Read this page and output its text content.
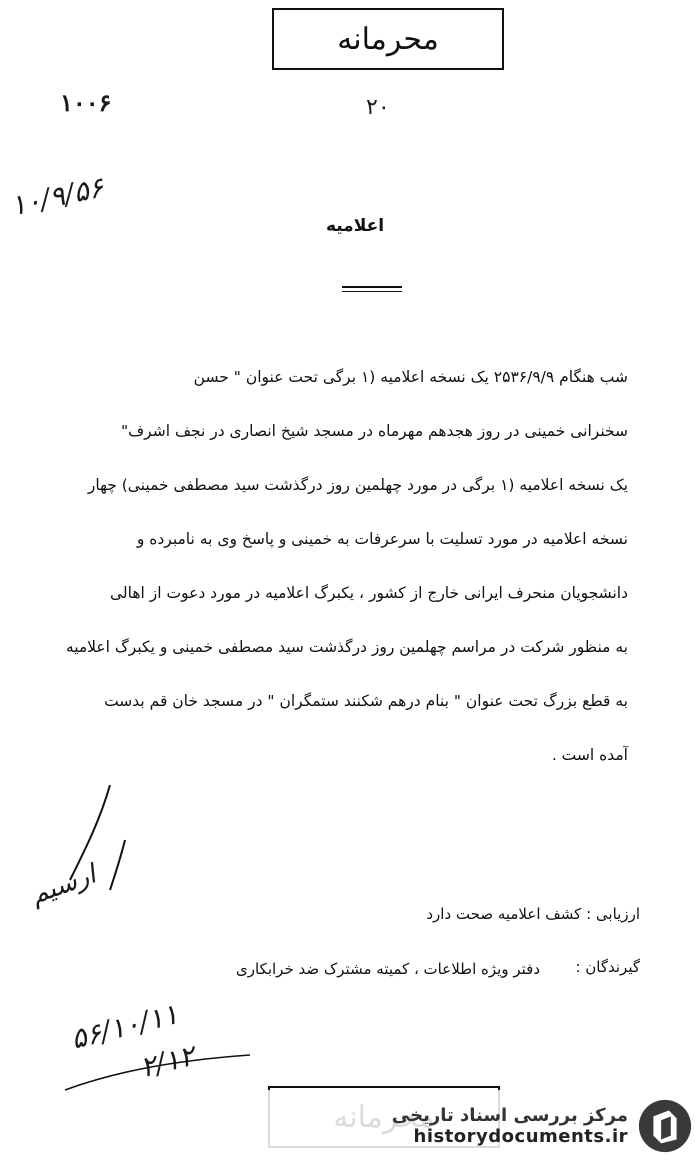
محرمانه
۱۰۰۶	۲۰
۱۰/۹/۵۶
اعلامیه
شب هنگام ۲۵۳۶/۹/۹ یک نسخه اعلامیه (۱ برگی تحت عنوان " حسن
سخنرانی خمینی در روز هجدهم مهرماه در مسجد شیخ انصاری در نجف اشرف"
یک نسخه اعلامیه (۱ برگی در مورد چهلمین روز درگذشت سید مصطفی خمینی) چهار
نسخه اعلامیه در مورد تسلیت با سرعرفات به خمینی و پاسخ وی به نامبرده و
دانشجویان منحرف ایرانی خارج از کشور ، یکبرگ اعلامیه در مورد دعوت از اهالی
به منظور شرکت در مراسم چهلمین روز درگذشت سید مصطفی خمینی و یکبرگ اعلامیه
به قطع بزرگ تحت عنوان " بنام درهم شکنند ستمگران " در مسجد خان قم بدست
آمده است .
ارسیم
ارزیابی : کشف اعلامیه صحت دارد
گیرندگان :
دفتر ویژه اطلاعات ، کمیته مشترک ضد خرابکاری
۵۶/۱۰/۱۱
۲/۱۲
مرکز بررسی اسناد تاریخی
historydocuments.ir
